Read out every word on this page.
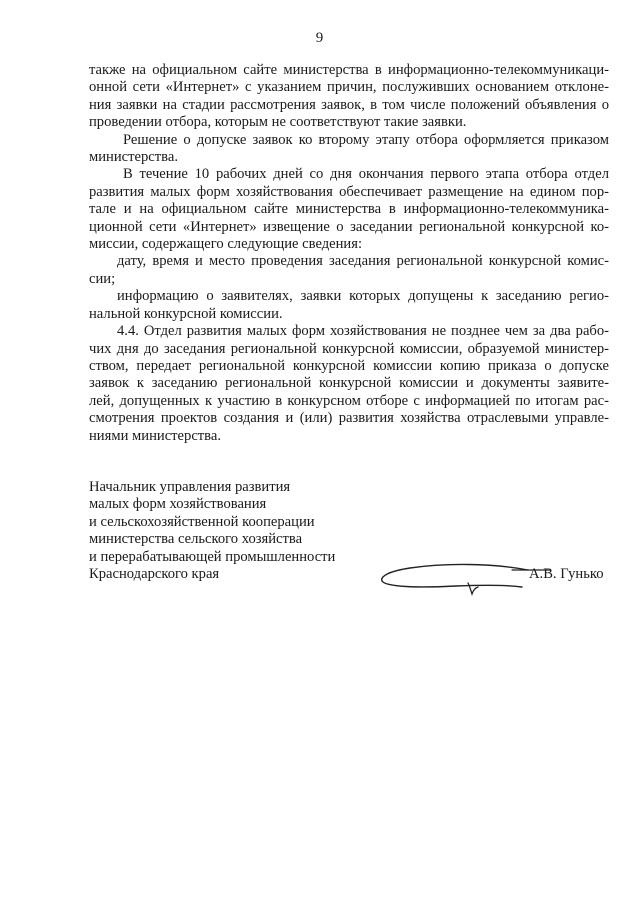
9
также на официальном сайте министерства в информационно-телекоммуникаци-
онной сети «Интернет» с указанием причин, послуживших основанием отклоне-
ния заявки на стадии рассмотрения заявок, в том числе положений объявления о
проведении отбора, которым не соответствуют такие заявки.
Решение о допуске заявок ко второму этапу отбора оформляется приказом
министерства.
В течение 10 рабочих дней со дня окончания первого этапа отбора отдел
развития малых форм хозяйствования обеспечивает размещение на едином пор-
тале и на официальном сайте министерства в информационно-телекоммуника-
ционной сети «Интернет» извещение о заседании региональной конкурсной ко-
миссии, содержащего следующие сведения:
дату, время и место проведения заседания региональной конкурсной комис-
сии;
информацию о заявителях, заявки которых допущены к заседанию регио-
нальной конкурсной комиссии.
4.4. Отдел развития малых форм хозяйствования не позднее чем за два рабо-
чих дня до заседания региональной конкурсной комиссии, образуемой министер-
ством, передает региональной конкурсной комиссии копию приказа о допуске
заявок к заседанию региональной конкурсной комиссии и документы заявите-
лей, допущенных к участию в конкурсном отборе с информацией по итогам рас-
смотрения проектов создания и (или) развития хозяйства отраслевыми управле-
ниями министерства.
Начальник управления развития
малых форм хозяйствования
и сельскохозяйственной кооперации
министерства сельского хозяйства
и перерабатывающей промышленности
Краснодарского края	А.В. Гунько
